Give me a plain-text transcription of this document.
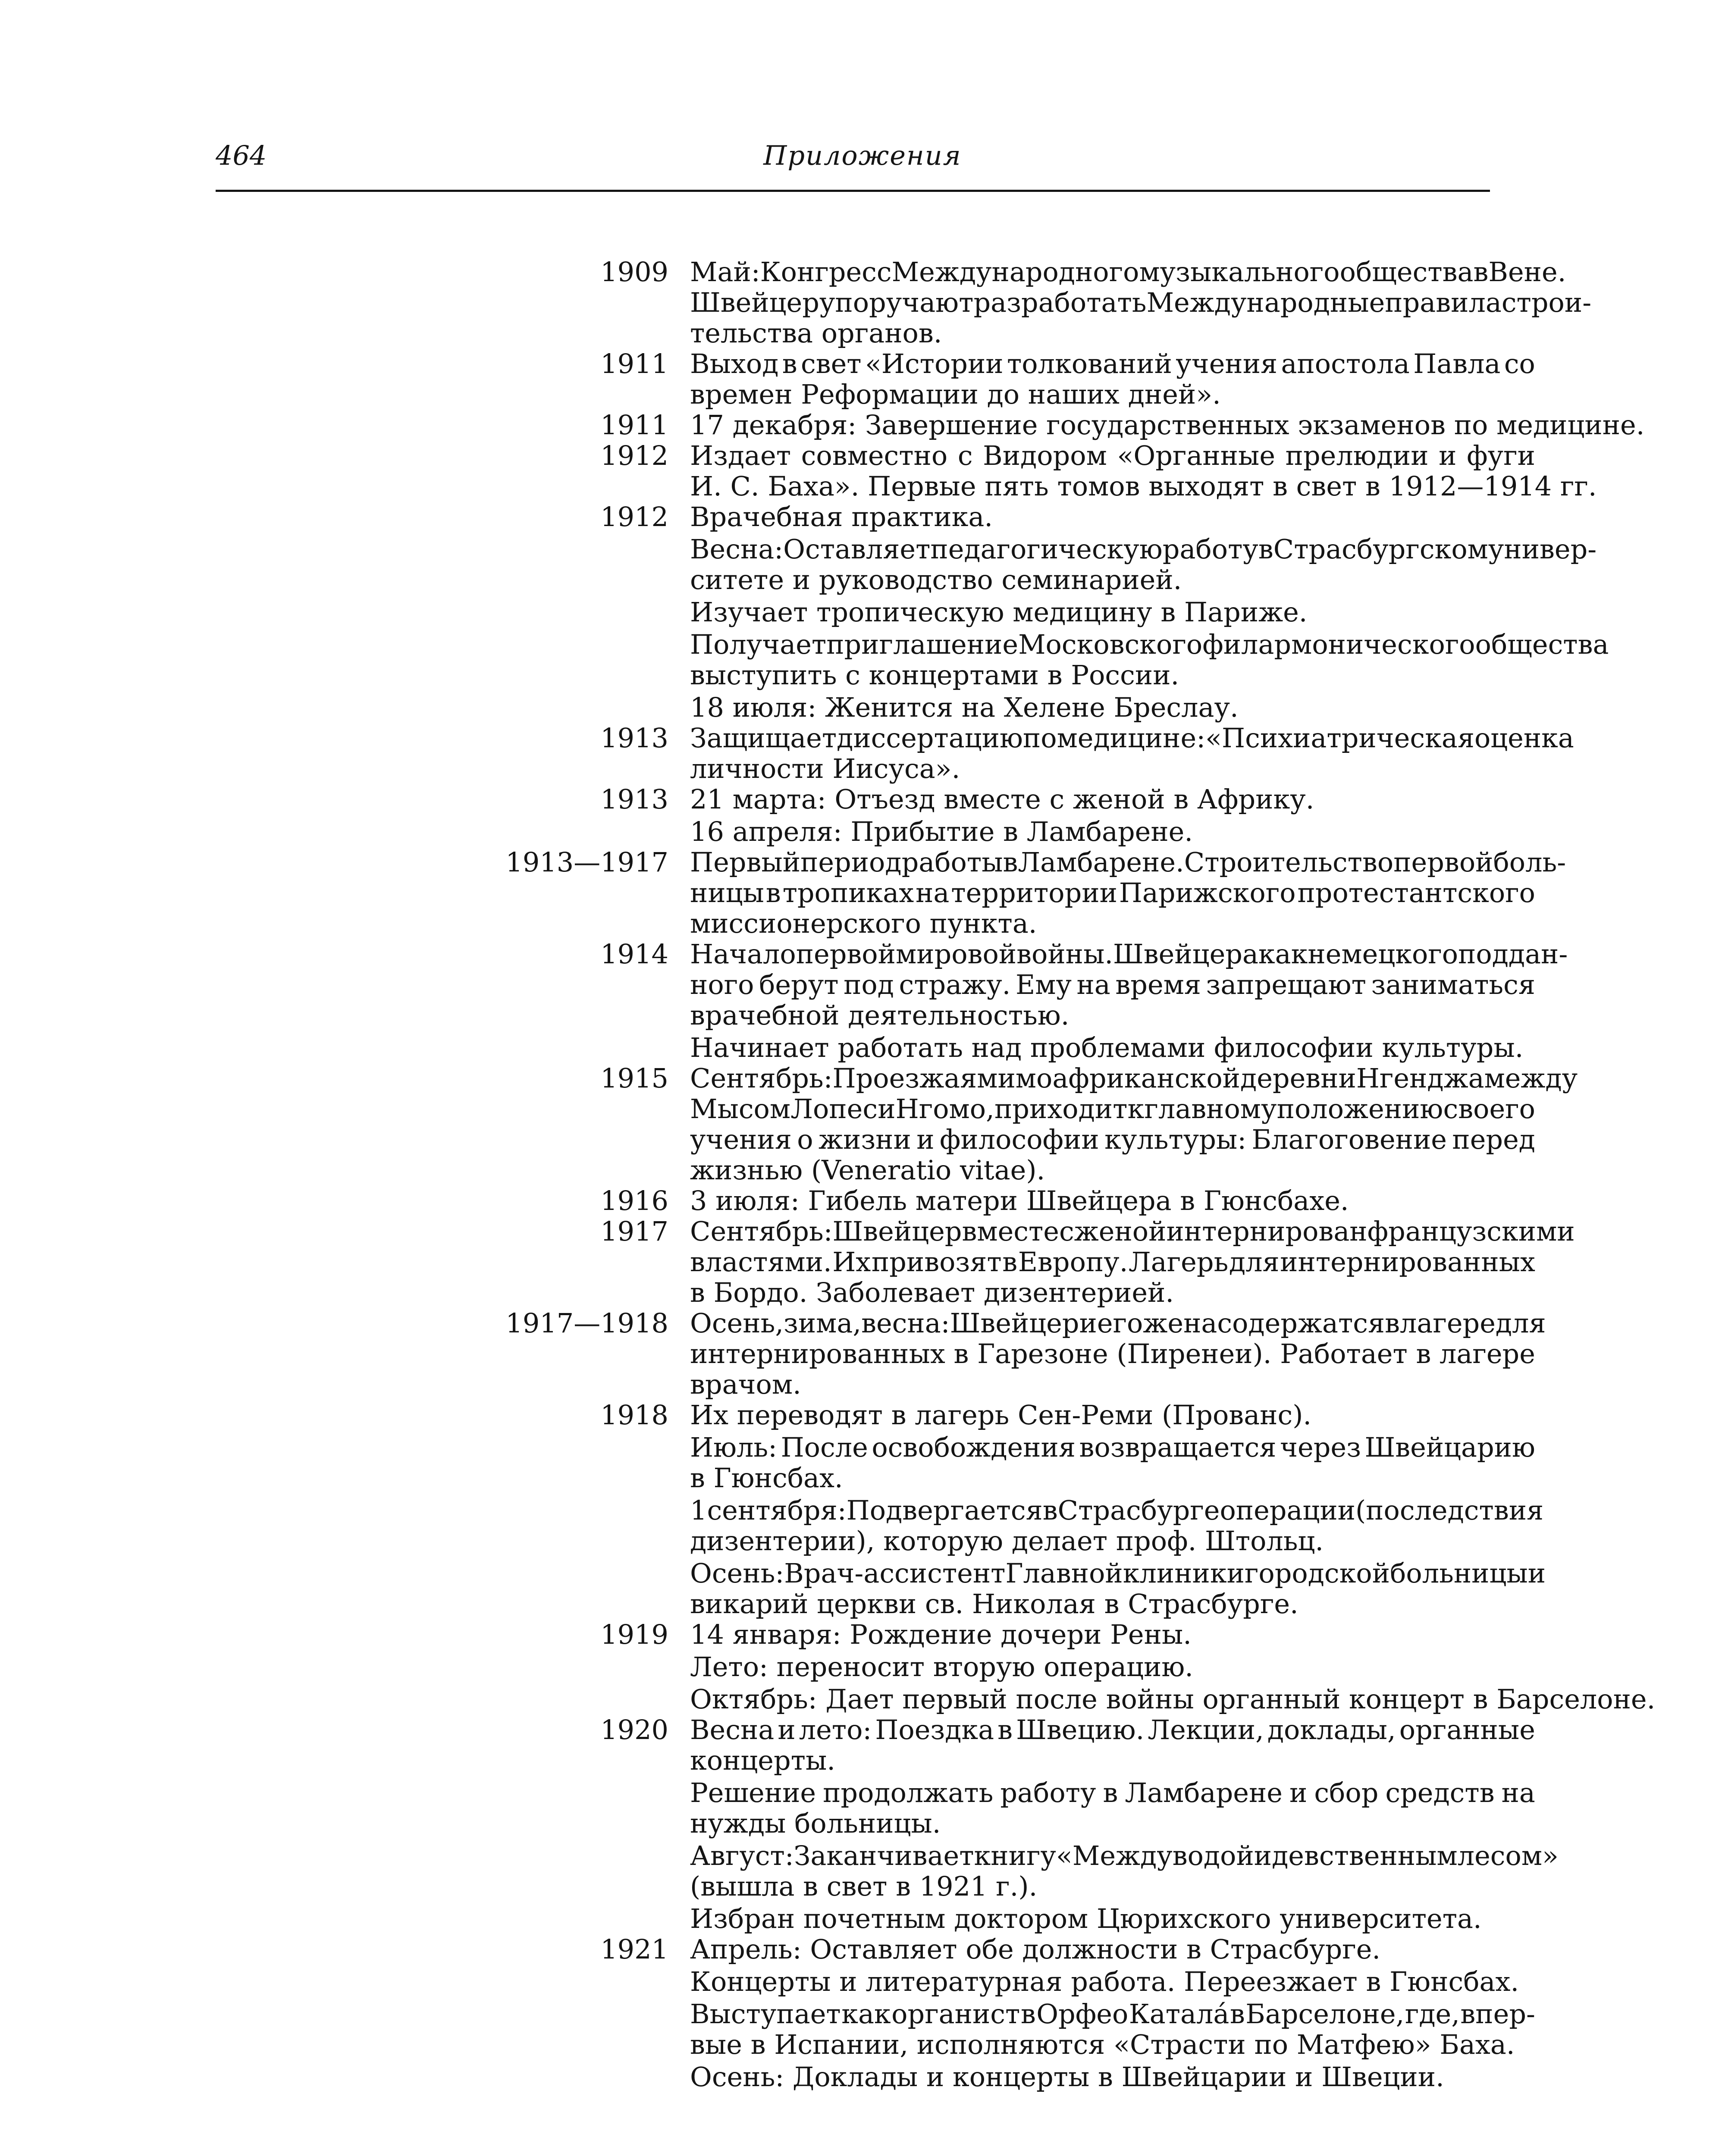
464	Приложения
1909 Май: Конгресс Международного музыкального общества в Вене.
Швейцеру поручают разработать Международные правила строи-
тельства органов.
1911 Выход в свет «Истории толкований учения апостола Павла со
времен Реформации до наших дней».
1911 17 декабря: Завершение государственных экзаменов по медицине.
1912 Издает совместно с Видором «Органные прелюдии и фуги
И. С. Баха». Первые пять томов выходят в свет в 1912—1914 гг.
1912 Врачебная практика.
Весна: Оставляет педагогическую работу в Страсбургском универ-
ситете и руководство семинарией.
Изучает тропическую медицину в Париже.
Получает приглашение Московского филармонического общества
выступить с концертами в России.
18 июля: Женится на Хелене Бреслау.
1913 Защищает диссертацию по медицине: «Психиатрическая оценка
личности Иисуса».
1913 21 марта: Отъезд вместе с женой в Африку.
16 апреля: Прибытие в Ламбарене.
1913—1917 Первый период работы в Ламбарене. Строительство первой боль-
ницы в тропиках на территории Парижского протестантского
миссионерского пункта.
1914 Начало первой мировой войны. Швейцера как немецкого поддан-
ного берут под стражу. Ему на время запрещают заниматься
врачебной деятельностью.
Начинает работать над проблемами философии культуры.
1915 Сентябрь: Проезжая мимо африканской деревни Нгенджа между
Мысом Лопес и Нгомо, приходит к главному положению своего
учения о жизни и философии культуры: Благоговение перед
жизнью (Veneratio vitae).
1916 3 июля: Гибель матери Швейцера в Гюнсбахе.
1917 Сентябрь: Швейцер вместе с женой интернирован французскими
властями. Их привозят в Европу. Лагерь для интернированных
в Бордо. Заболевает дизентерией.
1917—1918 Осень, зима, весна: Швейцер и его жена содержатся в лагере для
интернированных в Гарезоне (Пиренеи). Работает в лагере
врачом.
1918 Их переводят в лагерь Сен-Реми (Прованс).
Июль: После освобождения возвращается через Швейцарию
в Гюнсбах.
1 сентября: Подвергается в Страсбурге операции (последствия
дизентерии), которую делает проф. Штольц.
Осень: Врач-ассистент Главной клиники городской больницы и
викарий церкви св. Николая в Страсбурге.
1919 14 января: Рождение дочери Рены.
Лето: переносит вторую операцию.
Октябрь: Дает первый после войны органный концерт в Барселоне.
1920 Весна и лето: Поездка в Швецию. Лекции, доклады, органные
концерты.
Решение продолжать работу в Ламбарене и сбор средств на
нужды больницы.
Август: Заканчивает книгу «Между водой и девственным лесом»
(вышла в свет в 1921 г.).
Избран почетным доктором Цюрихского университета.
1921 Апрель: Оставляет обе должности в Страсбурге.
Концерты и литературная работа. Переезжает в Гюнсбах.
Выступает как органист в Орфео Катала́ в Барселоне, где, впер-
вые в Испании, исполняются «Страсти по Матфею» Баха.
Осень: Доклады и концерты в Швейцарии и Швеции.
